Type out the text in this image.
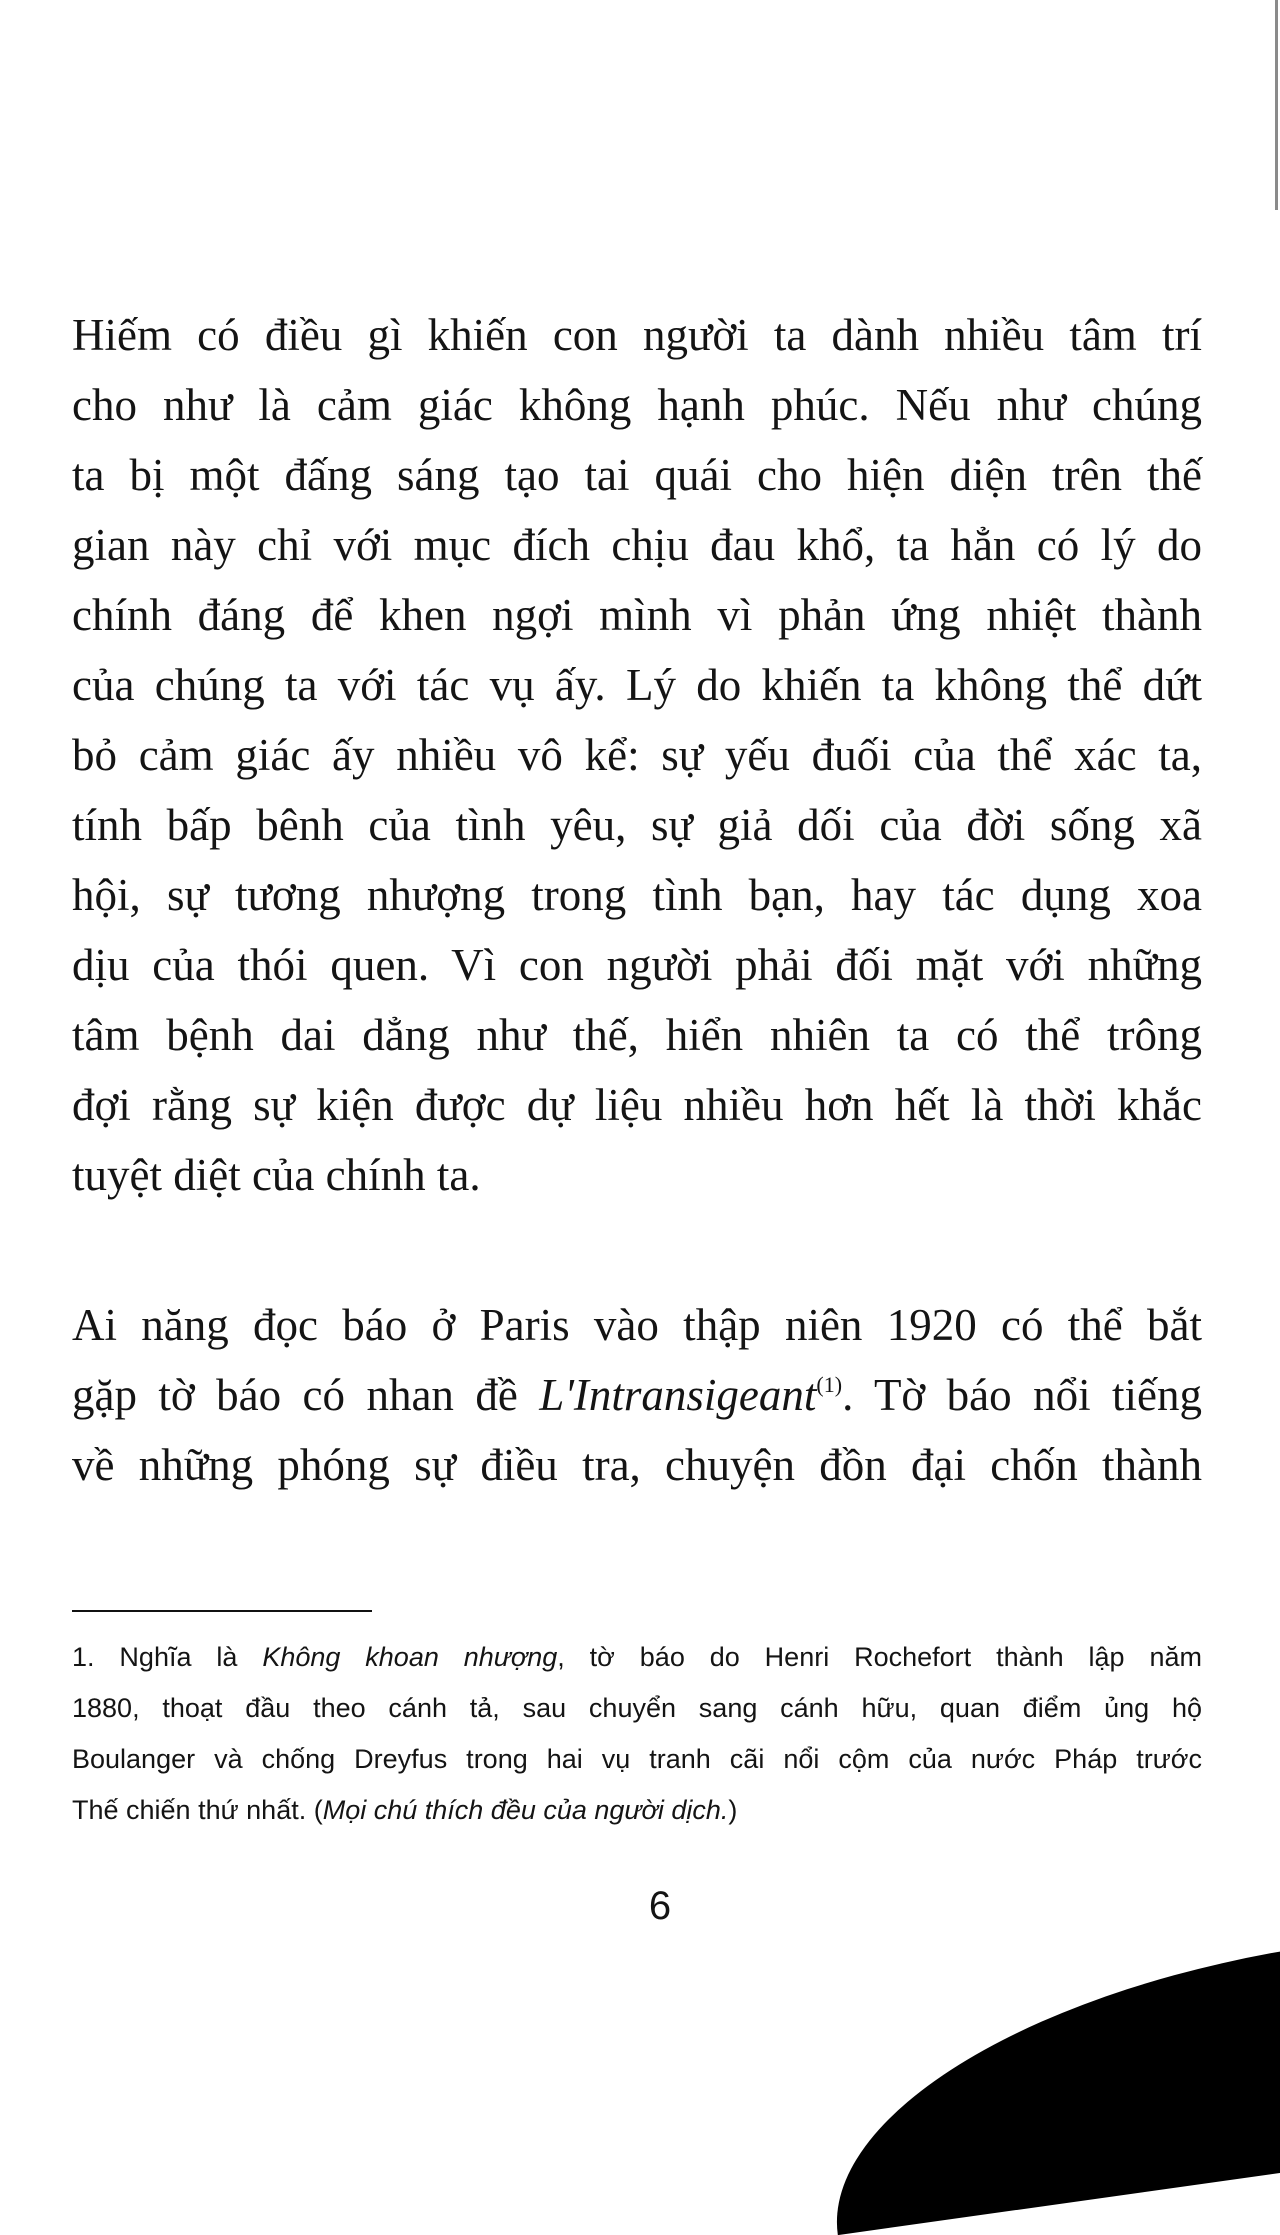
Hiếm có điều gì khiến con người ta dành nhiều tâm trí
cho như là cảm giác không hạnh phúc. Nếu như chúng
ta bị một đấng sáng tạo tai quái cho hiện diện trên thế
gian này chỉ với mục đích chịu đau khổ, ta hẳn có lý do
chính đáng để khen ngợi mình vì phản ứng nhiệt thành
của chúng ta với tác vụ ấy. Lý do khiến ta không thể dứt
bỏ cảm giác ấy nhiều vô kể: sự yếu đuối của thể xác ta,
tính bấp bênh của tình yêu, sự giả dối của đời sống xã
hội, sự tương nhượng trong tình bạn, hay tác dụng xoa
dịu của thói quen. Vì con người phải đối mặt với những
tâm bệnh dai dẳng như thế, hiển nhiên ta có thể trông
đợi rằng sự kiện được dự liệu nhiều hơn hết là thời khắc
tuyệt diệt của chính ta.
Ai năng đọc báo ở Paris vào thập niên 1920 có thể bắt
gặp tờ báo có nhan đề L'Intransigeant$^{(1)}$. Tờ báo nổi tiếng
về những phóng sự điều tra, chuyện đồn đại chốn thành
1. Nghĩa là Không khoan nhượng, tờ báo do Henri Rochefort thành lập năm
1880, thoạt đầu theo cánh tả, sau chuyển sang cánh hữu, quan điểm ủng hộ
Boulanger và chống Dreyfus trong hai vụ tranh cãi nổi cộm của nước Pháp trước
Thế chiến thứ nhất. (Mọi chú thích đều của người dịch.)
6
